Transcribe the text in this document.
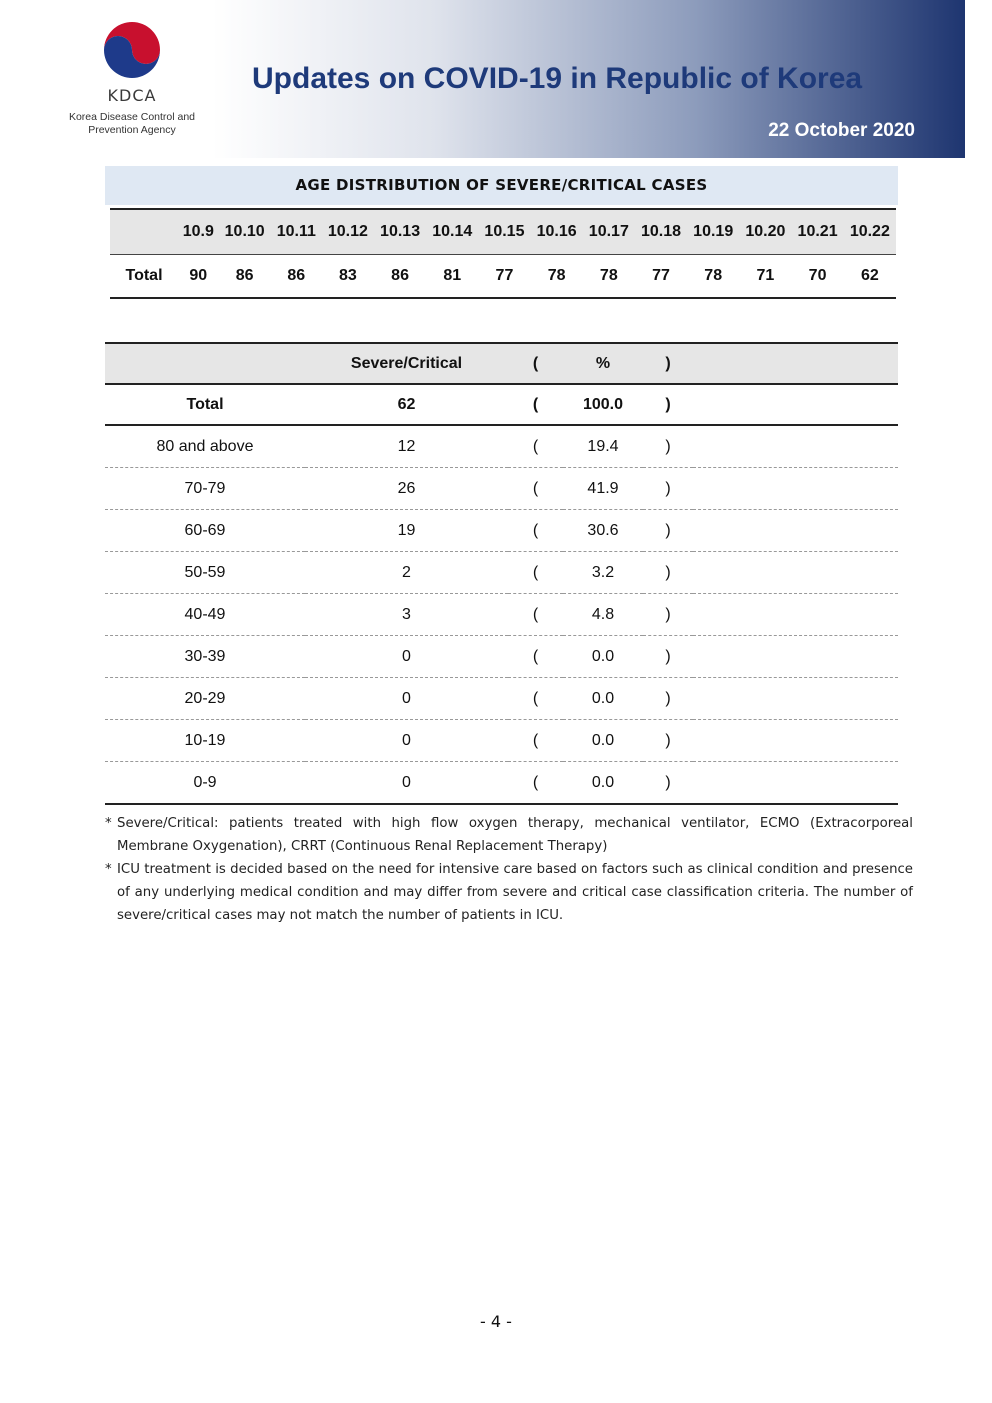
KDCA
Korea Disease Control and
Prevention Agency
Updates on COVID-19 in Republic of Korea
22 October 2020
AGE DISTRIBUTION OF SEVERE/CRITICAL CASES
	10.9	10.10	10.11	10.12	10.13	10.14	10.15	10.16	10.17	10.18	10.19	10.20	10.21	10.22
Total	90	86	86	83	86	81	77	78	78	77	78	71	70	62
	Severe/Critical	(	%	)	
Total	62	(	100.0	)	
80 and above	12	(	19.4	)	
70-79	26	(	41.9	)	
60-69	19	(	30.6	)	
50-59	2	(	3.2	)	
40-49	3	(	4.8	)	
30-39	0	(	0.0	)	
20-29	0	(	0.0	)	
10-19	0	(	0.0	)	
0-9	0	(	0.0	)	
* Severe/Critical: patients treated with high flow oxygen therapy, mechanical ventilator, ECMO (Extracorporeal Membrane Oxygenation), CRRT (Continuous Renal Replacement Therapy)
* ICU treatment is decided based on the need for intensive care based on factors such as clinical condition and presence of any underlying medical condition and may differ from severe and critical case classification criteria. The number of severe/critical cases may not match the number of patients in ICU.
- 4 -
